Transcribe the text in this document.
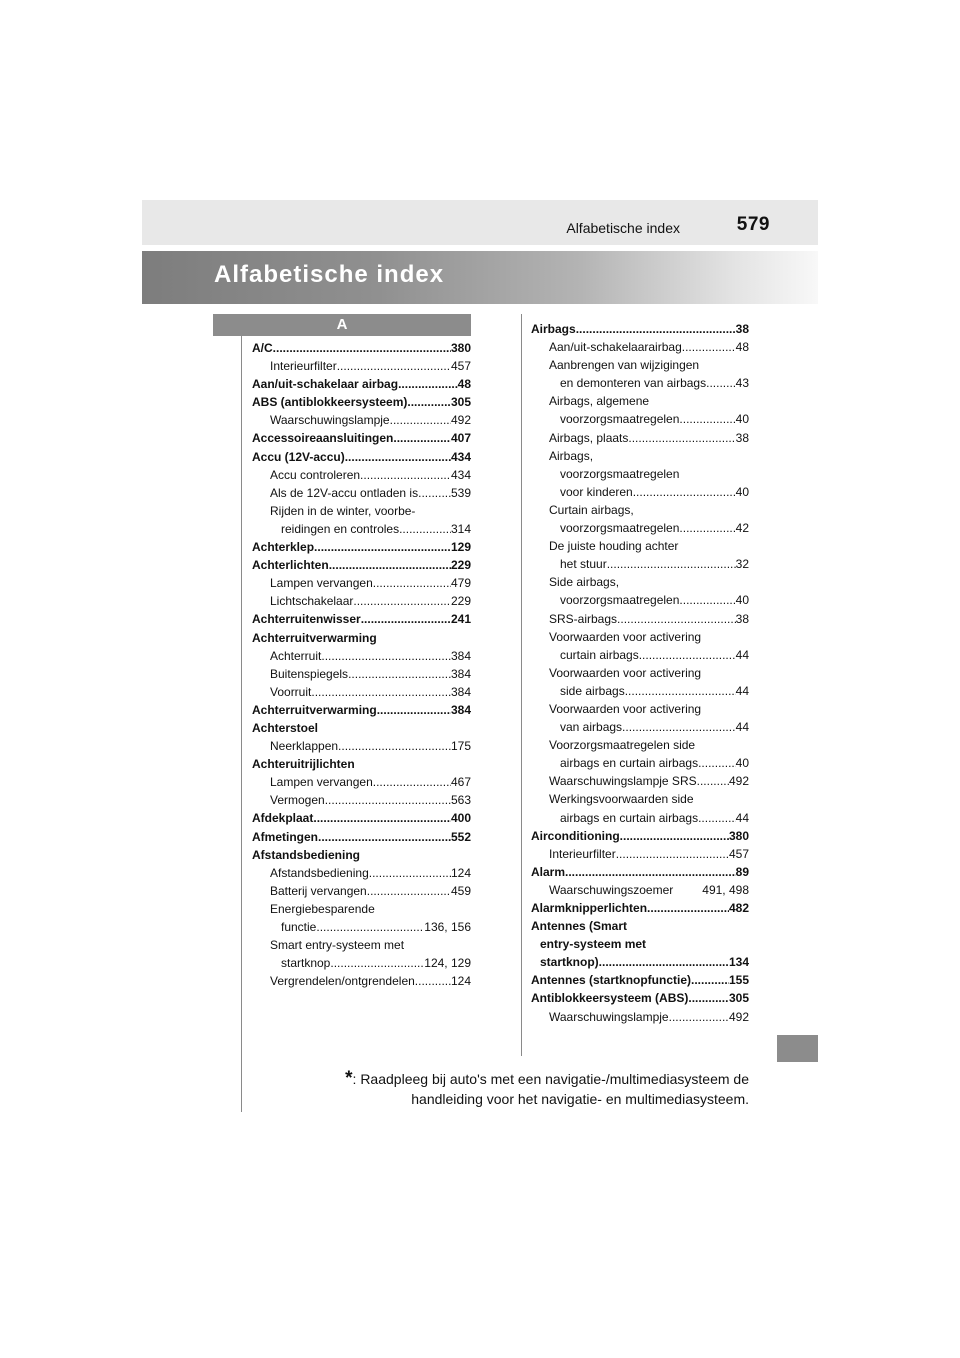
Alfabetische index	579
Alfabetische index
A
A/C .....	380
Interieurfilter .....	457
Aan/uit-schakelaar airbag .....	48
ABS (antiblokkeersysteem) .....	305
Waarschuwingslampje .....	492
Accessoireaansluitingen .....	407
Accu (12V-accu) .....	434
Accu controleren .....	434
Als de 12V-accu ontladen is .....	539
Rijden in de winter, voorbe-
reidingen en controles .....	314
Achterklep .....	129
Achterlichten .....	229
Lampen vervangen .....	479
Lichtschakelaar .....	229
Achterruitenwisser .....	241
Achterruitverwarming
Achterruit .....	384
Buitenspiegels .....	384
Voorruit .....	384
Achterruitverwarming .....	384
Achterstoel
Neerklappen .....	175
Achteruitrijlichten
Lampen vervangen .....	467
Vermogen .....	563
Afdekplaat .....	400
Afmetingen .....	552
Afstandsbediening
Afstandsbediening .....	124
Batterij vervangen .....	459
Energiebesparende
functie .....	136, 156
Smart entry-systeem met
startknop .....	124, 129
Vergrendelen/ontgrendelen .....	124
Airbags .....	38
Aan/uit-schakelaarairbag .....	48
Aanbrengen van wijzigingen
en demonteren van airbags ..... 43
Airbags, algemene
voorzorgsmaatregelen .....	40
Airbags, plaats .....	38
Airbags,
voorzorgsmaatregelen
voor kinderen .....	40
Curtain airbags,
voorzorgsmaatregelen .....	42
De juiste houding achter
het stuur .....	32
Side airbags,
voorzorgsmaatregelen .....	40
SRS-airbags .....	38
Voorwaarden voor activering
curtain airbags .....	44
Voorwaarden voor activering
side airbags .....	44
Voorwaarden voor activering
van airbags .....	44
Voorzorgsmaatregelen side
airbags en curtain airbags .....	40
Waarschuwingslampje SRS .....	492
Werkingsvoorwaarden side
airbags en curtain airbags .....	44
Airconditioning .....	380
Interieurfilter .....	457
Alarm .....	89
Waarschuwingszoemer 491, 498
Alarmknipperlichten .....	482
Antennes (Smart
entry-systeem met
startknop) .....	134
Antennes (startknopfunctie) .....	155
Antiblokkeersysteem (ABS) .....	305
Waarschuwingslampje .....	492
*: Raadpleeg bij auto's met een navigatie-/multimediasysteem de
handleiding voor het navigatie- en multimediasysteem.
